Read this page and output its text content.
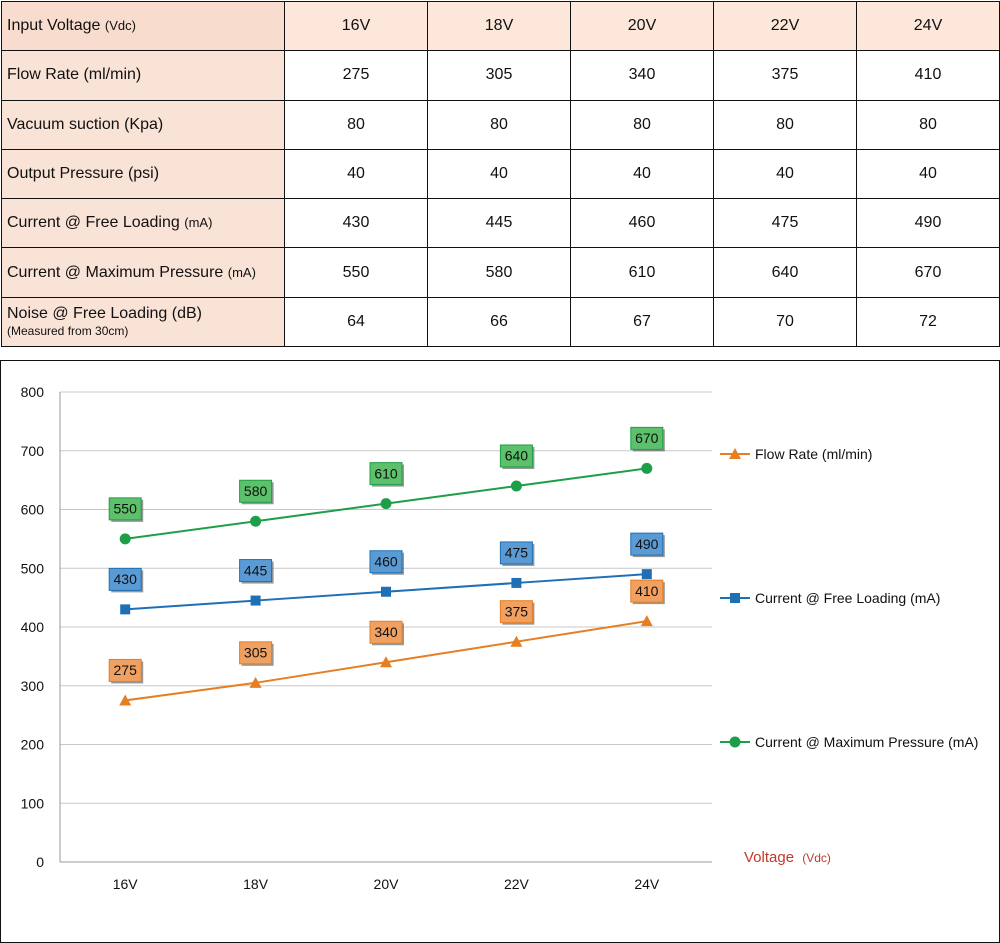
Input Voltage (Vdc)	16V	18V	20V	22V	24V
Flow Rate (ml/min)	275	305	340	375	410
Vacuum suction (Kpa)	80	80	80	80	80
Output Pressure (psi)	40	40	40	40	40
Current @ Free Loading (mA)	430	445	460	475	490
Current @ Maximum Pressure (mA)	550	580	610	640	670
Noise @ Free Loading (dB)
(Measured from 30cm)	64	66	67	70	72
0
100
200
300
400
500
600
700
800
16V	18V	20V	22V	24V
275
305
340
375
410
430
445
460
475
490
550
580
610
640
670
Flow Rate (ml/min)
Current @ Free Loading (mA)
Current @ Maximum Pressure (mA)
Voltage (Vdc)
